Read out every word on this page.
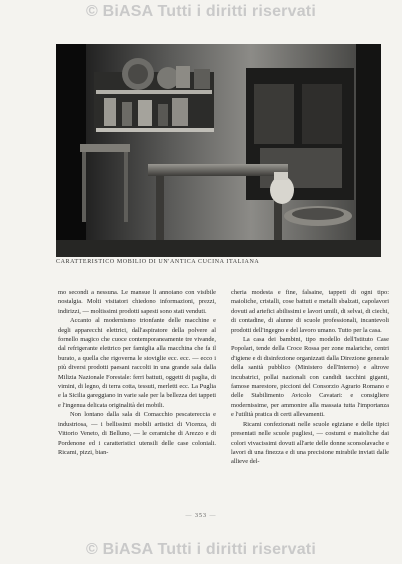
© BiASA Tutti i diritti riservati
CARATTERISTICO MOBILIO DI UN'ANTICA CUCINA ITALIANA

mo secondi a nessuna. Le mansue li annoiano con visibile nostalgia. Molti visitatori chiedono informazioni, prezzi, indirizzi, — moltissimi prodotti sapesti sono stati venduti.

Accanto al modernismo trionfante delle macchine e degli apparecchi elettrici, dall'aspiratore della polvere al fornello magico che cuoce contemporaneamente tre vivande, dal refrigerante elettrico per famiglia alla macchina che fa il burato, a quella che rigoverna le stoviglie ecc. ecc. — ecco i più diversi prodotti paesani raccolti in una grande sala dalla Milizia Nazionale Forestale: ferri battuti, oggetti di paglia, di vimini, di legno, di terra cotta, tessuti, merletti ecc. La Puglia e la Sicilia gareggiano in varie sale per la bellezza dei tappeti e l'ingenua delicata originalità dei mobili.

Non lontano dalla sala di Comacchio pescatereccia e industriosa, — i bellissimi mobili artistici di Vicenza, di Vittorio Veneto, di Belluno, — le ceramiche di Arezzo e di Pordenone ed i caratteristici utensili delle case coloniali. Ricami, pizzi, bian-

cheria modesta e fine, falsaine, tappeti di ogni tipo: maioliche, cristalli, cose battuti e metalli sbalzati, capolavori dovuti ad artefici abilissimi e lavori umili, di selvai, di ciechi, di contadine, di alunne di scuole professionali, incantevoli prodotti dell'ingegno e del lavoro umano. Tutto per la casa.

La casa dei bambini, tipo modello dell'Istituto Case Popolari, tende della Croce Rossa per zone malariche, centri d'igiene e di disinfezione organizzati dalla Direzione generale della sanità pubblico (Ministero dell'Interno) e altrove incubatrici, pollai nazionali con candidi tacchini giganti, famose marestore, piccioni del Consorzio Agrario Romano e delle Stabilimento Avicolo Cavatari: e consigliere modernissime, per ammonire alla massaia tutta l'importanza e l'utilità pratica di certi allevamenti.

Ricami confezionati nelle scuole egiziane e delle tipici presentati nelle scuole pugliesi, — costumi e maioliche dai colori vivacissimi dovuti all'arte delle donne sconsolavache e lavori di una finezza e di una precisione mirabile inviati dalle allieve del-

— 353 —
© BiASA Tutti i diritti riservati
